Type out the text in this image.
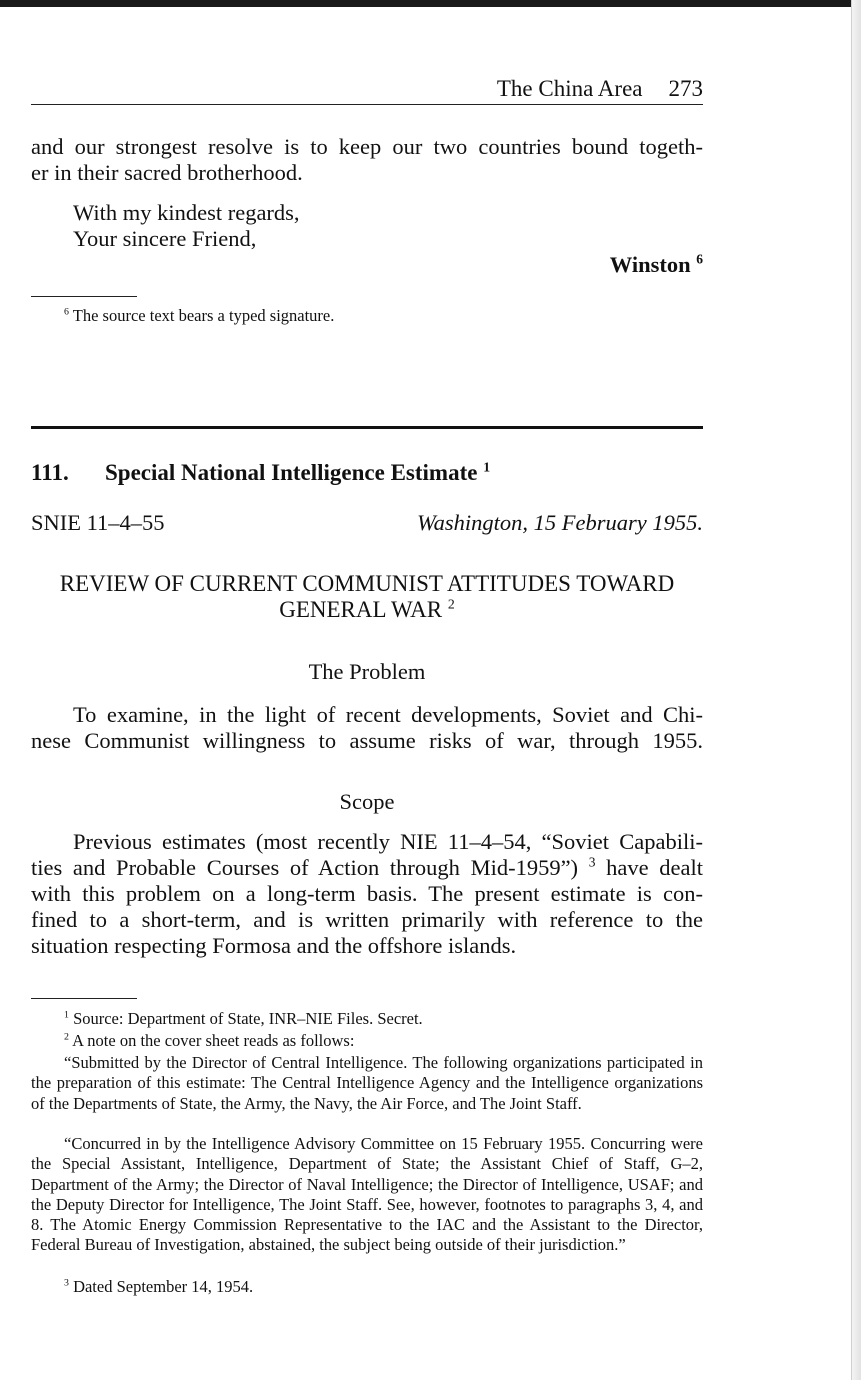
The China Area 273
and our strongest resolve is to keep our two countries bound togeth-
er in their sacred brotherhood.
With my kindest regards,
Your sincere Friend,
Winston $^6$
$^6$ The source text bears a typed signature.
111. Special National Intelligence Estimate $^1$
SNIE 11–4–55	Washington, 15 February 1955.
REVIEW OF CURRENT COMMUNIST ATTITUDES TOWARD
GENERAL WAR $^2$
The Problem
To examine, in the light of recent developments, Soviet and Chi-
nese Communist willingness to assume risks of war, through 1955.
Scope
Previous estimates (most recently NIE 11–4–54, “Soviet Capabili-
ties and Probable Courses of Action through Mid-1959”) $^3$ have dealt
with this problem on a long-term basis. The present estimate is con-
fined to a short-term, and is written primarily with reference to the
situation respecting Formosa and the offshore islands.
$^1$ Source: Department of State, INR–NIE Files. Secret.
$^2$ A note on the cover sheet reads as follows:
“Submitted by the Director of Central Intelligence. The following organizations participated in the preparation of this estimate: The Central Intelligence Agency and the Intelligence organizations of the Departments of State, the Army, the Navy, the Air Force, and The Joint Staff.
“Concurred in by the Intelligence Advisory Committee on 15 February 1955. Concurring were the Special Assistant, Intelligence, Department of State; the Assistant Chief of Staff, G–2, Department of the Army; the Director of Naval Intelligence; the Director of Intelligence, USAF; and the Deputy Director for Intelligence, The Joint Staff. See, however, footnotes to paragraphs 3, 4, and 8. The Atomic Energy Commission Representative to the IAC and the Assistant to the Director, Federal Bureau of Investigation, abstained, the subject being outside of their jurisdiction.”
$^3$ Dated September 14, 1954.
